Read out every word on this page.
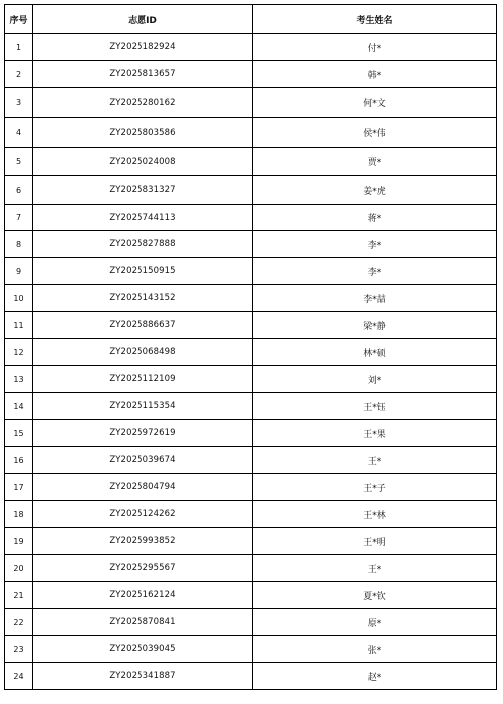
序号	志愿ID	考生姓名
1	ZY2025182924	付*
2	ZY2025813657	韩*
3	ZY2025280162	何*文
4	ZY2025803586	侯*伟
5	ZY2025024008	贾*
6	ZY2025831327	姜*虎
7	ZY2025744113	蒋*
8	ZY2025827888	李*
9	ZY2025150915	李*
10	ZY2025143152	李*喆
11	ZY2025886637	梁*静
12	ZY2025068498	林*硕
13	ZY2025112109	刘*
14	ZY2025115354	王*钰
15	ZY2025972619	王*果
16	ZY2025039674	王*
17	ZY2025804794	王*子
18	ZY2025124262	王*林
19	ZY2025993852	王*明
20	ZY2025295567	王*
21	ZY2025162124	夏*钦
22	ZY2025870841	原*
23	ZY2025039045	张*
24	ZY2025341887	赵*
